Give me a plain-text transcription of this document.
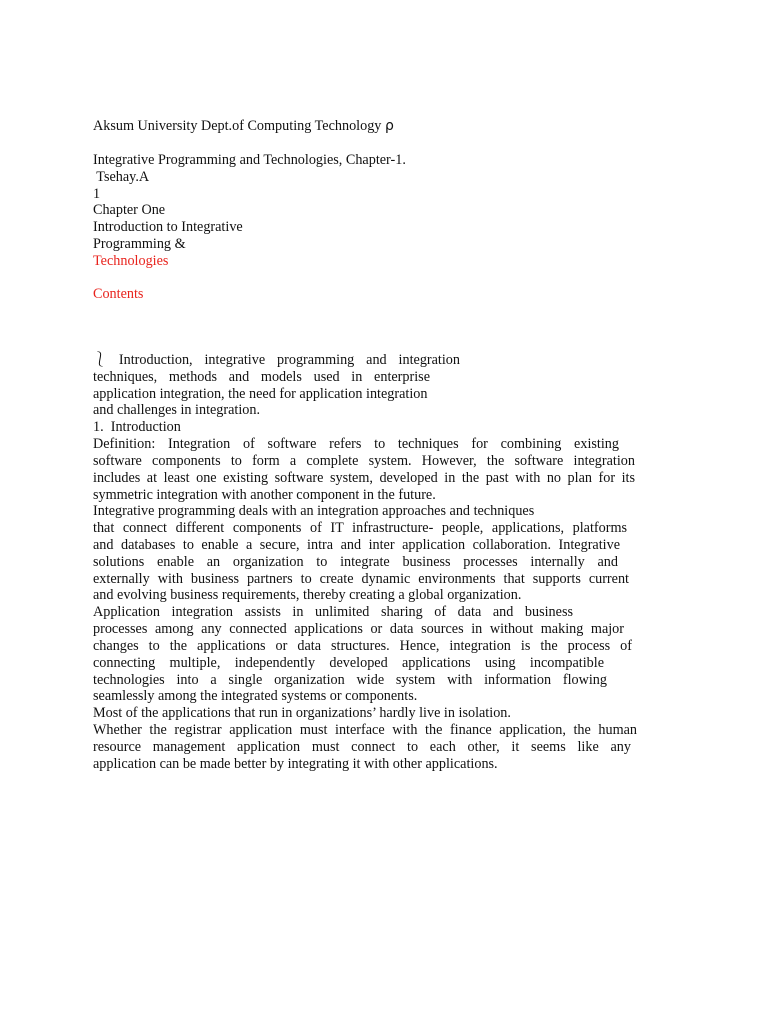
Aksum University Dept.of Computing Technology ρ

Integrative Programming and Technologies, Chapter-1.

Tsehay.A

1

Chapter One

Introduction to Integrative

Programming &

Technologies

Contents

⎱ Introduction, integrative programming and integration

techniques, methods and models used in enterprise

application integration, the need for application integration

and challenges in integration.

1.  Introduction

Definition: Integration of software refers to techniques for combining existing

software components to form a complete system. However, the software integration

includes at least one existing software system, developed in the past with no plan for its

symmetric integration with another component in the future.

Integrative programming deals with an integration approaches and techniques

that connect different components of IT infrastructure- people, applications, platforms

and databases to enable a secure, intra and inter application collaboration. Integrative

solutions enable an organization to integrate business processes internally and

externally with business partners to create dynamic environments that supports current

and evolving business requirements, thereby creating a global organization.

Application integration assists in unlimited sharing of data and business

processes among any connected applications or data sources in without making major

changes to the applications or data structures. Hence, integration is the process of

connecting multiple, independently developed applications using incompatible

technologies into a single organization wide system with information flowing

seamlessly among the integrated systems or components.

Most of the applications that run in organizations’ hardly live in isolation.

Whether the registrar application must interface with the finance application, the human

resource management application must connect to each other, it seems like any

application can be made better by integrating it with other applications.
